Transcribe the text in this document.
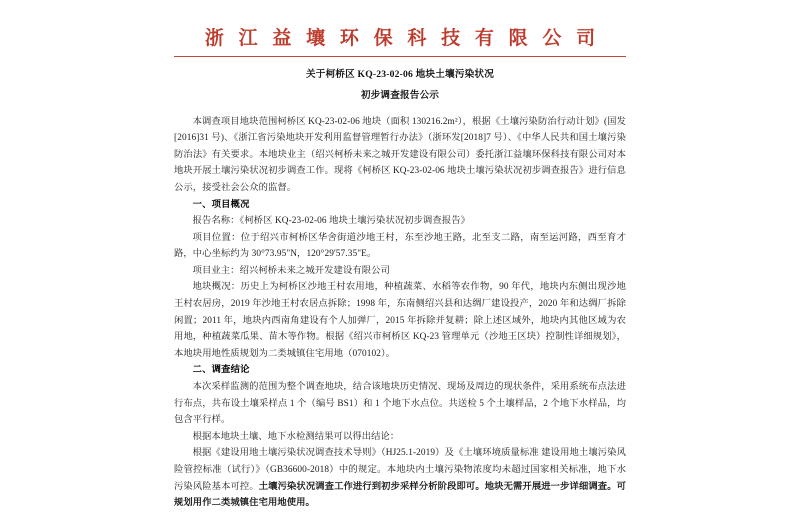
浙 江 益 壤 环 保 科 技 有 限 公 司
关于柯桥区 KQ-23-02-06 地块土壤污染状况
初步调查报告公示

本调查项目地块范围柯桥区 KQ-23-02-06 地块（面积 130216.2m²），根据《土壤污染防治行动计划》(国发[2016]31 号)、《浙江省污染地块开发利用监督管理暂行办法》（浙环发[2018]7 号）、《中华人民共和国土壤污染防治法》有关要求。本地块业主（绍兴柯桥未来之城开发建设有限公司）委托浙江益壤环保科技有限公司对本地块开展土壤污染状况初步调查工作。现将《柯桥区 KQ-23-02-06 地块土壤污染状况初步调查报告》进行信息公示，接受社会公众的监督。

一、项目概况

报告名称：《柯桥区 KQ-23-02-06 地块土壤污染状况初步调查报告》

项目位置：位于绍兴市柯桥区华舍街道沙地王村，东至沙地王路，北至支二路，南至运河路，西至育才路，中心坐标约为 30°73.95"N，120°29'57.35"E。

项目业主：绍兴柯桥未来之城开发建设有限公司

地块概况：历史上为柯桥区沙地王村农用地，种植蔬菜、水稻等农作物，90 年代，地块内东侧出现沙地王村农居房，2019 年沙地王村农居点拆除；1998 年，东南侧绍兴县和达绸厂建设投产，2020 年和达绸厂拆除闲置；2011 年，地块内西南角建设有个人加弹厂，2015 年拆除并复耕；除上述区域外，地块内其他区域为农用地，种植蔬菜瓜果、苗木等作物。根据《绍兴市柯桥区 KQ-23 管理单元（沙地王区块）控制性详细规划》，本地块用地性质规划为二类城镇住宅用地（070102）。

二、调查结论

本次采样监测的范围为整个调查地块，结合该地块历史情况、现场及周边的现状条件，采用系统布点法进行布点，共布设土壤采样点 1 个（编号 BS1）和 1 个地下水点位。共送检 5 个土壤样品，2 个地下水样品，均包含平行样。

根据本地块土壤、地下水检测结果可以得出结论：

根据《建设用地土壤污染状况调查技术导则》（HJ25.1-2019）及《土壤环境质量标准 建设用地土壤污染风险管控标准（试行）》（GB36600-2018）中的规定。本地块内土壤污染物浓度均未超过国家相关标准，地下水污染风险基本可控。土壤污染状况调查工作进行到初步采样分析阶段即可。地块无需开展进一步详细调查。可规划用作二类城镇住宅用地使用。
